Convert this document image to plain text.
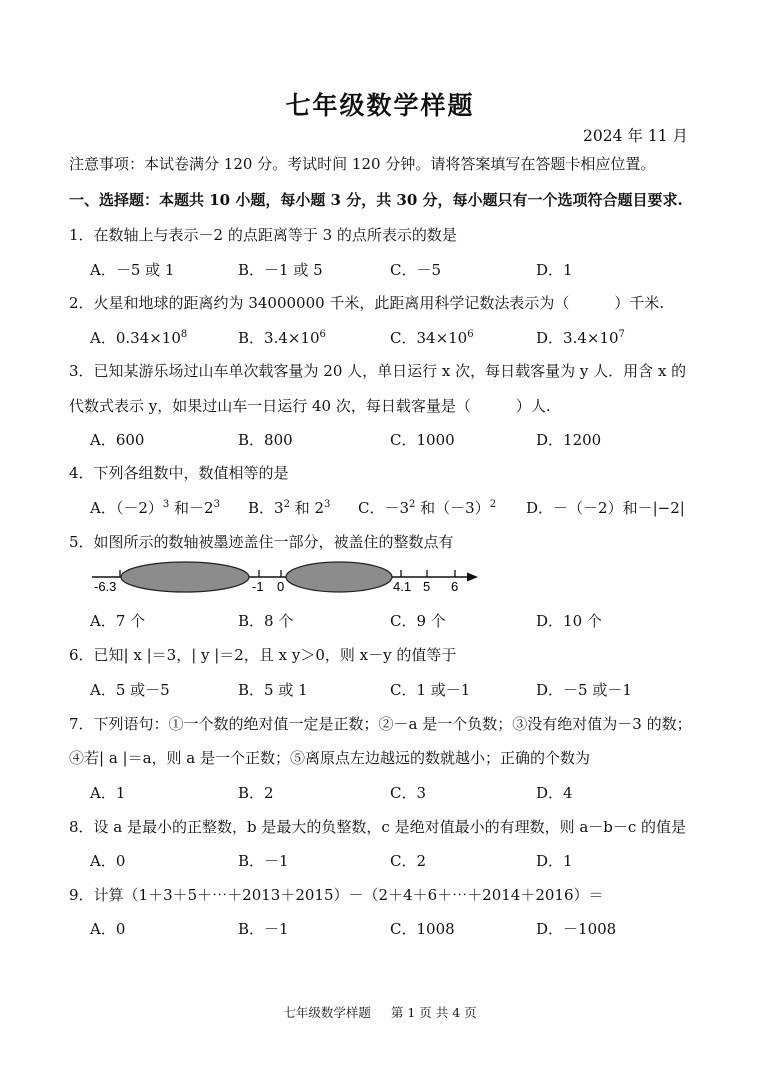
七年级数学样题
2024 年 11 月
注意事项：本试卷满分 120 分。考试时间 120 分钟。请将答案填写在答题卡相应位置。
一、选择题：本题共 10 小题，每小题 3 分，共 30 分，每小题只有一个选项符合题目要求.
1．在数轴上与表示－2 的点距离等于 3 的点所表示的数是
A．－5 或 1	B．－1 或 5	C．－5	D．1
2．火星和地球的距离约为 34000000 千米，此距离用科学记数法表示为（　　　）千米.
A．$0.34\times 10^8$	B．$3.4\times 10^6$	C．$34\times 10^6$	D．$3.4\times 10^7$
3．已知某游乐场过山车单次载客量为 20 人，单日运行 x 次，每日载客量为 y 人．用含 x 的
代数式表示 y，如果过山车一日运行 40 次，每日载客量是（　　　）人.
A．600	B．800	C．1000	D．1200
4．下列各组数中，数值相等的是
A．$(-2)^3$ 和$-2^3$ B．$3^2$ 和 $2^3$ C．$-3^2$ 和$(-3)^2$ D．－（－2）和－|−2|
5．如图所示的数轴被墨迹盖住一部分，被盖住的整数点有
-6.3	-1 0	4.1 5 6
A．7 个	B．8 个	C．9 个	D．10 个
6．已知| x |＝3，| y |＝2，且 x y＞0，则 x－y 的值等于
A．5 或－5	B．5 或 1	C．1 或－1	D．－5 或－1
7．下列语句：①一个数的绝对值一定是正数；②－a 是一个负数；③没有绝对值为－3 的数；
④若| a |＝a，则 a 是一个正数；⑤离原点左边越远的数就越小；正确的个数为
A．1	B．2	C．3	D．4
8．设 a 是最小的正整数，b 是最大的负整数，c 是绝对值最小的有理数，则 a－b－c 的值是
A．0	B．－1	C．2	D．1
9．计算（1＋3＋5＋⋯＋2013＋2015）－（2＋4＋6＋⋯＋2014＋2016）＝
A．0	B．－1	C．1008	D．－1008
七年级数学样题 第 1 页 共 4 页
